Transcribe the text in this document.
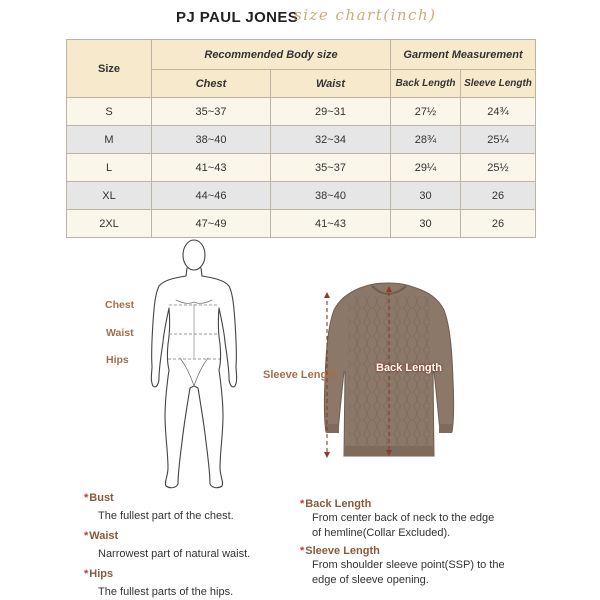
PJ PAUL JONES
size chart(inch)
Size	Recommended Body size		Garment Measurement	
	Chest	Waist	Back Length	Sleeve Length
S	35~37	29~31	27½	24¾
M	38~40	32~34	28¾	25¼
L	41~43	35~37	29¼	25½
XL	44~46	38~40	30	26
2XL	47~49	41~43	30	26
Chest
Waist
Hips
Sleeve Length
Back Length
*Bust
The fullest part of the chest.
*Waist
Narrowest part of natural waist.
*Hips
The fullest parts of the hips.
*Back Length
From center back of neck to the edge
of hemline(Collar Excluded).
*Sleeve Length
From shoulder sleeve point(SSP) to the
edge of sleeve opening.
